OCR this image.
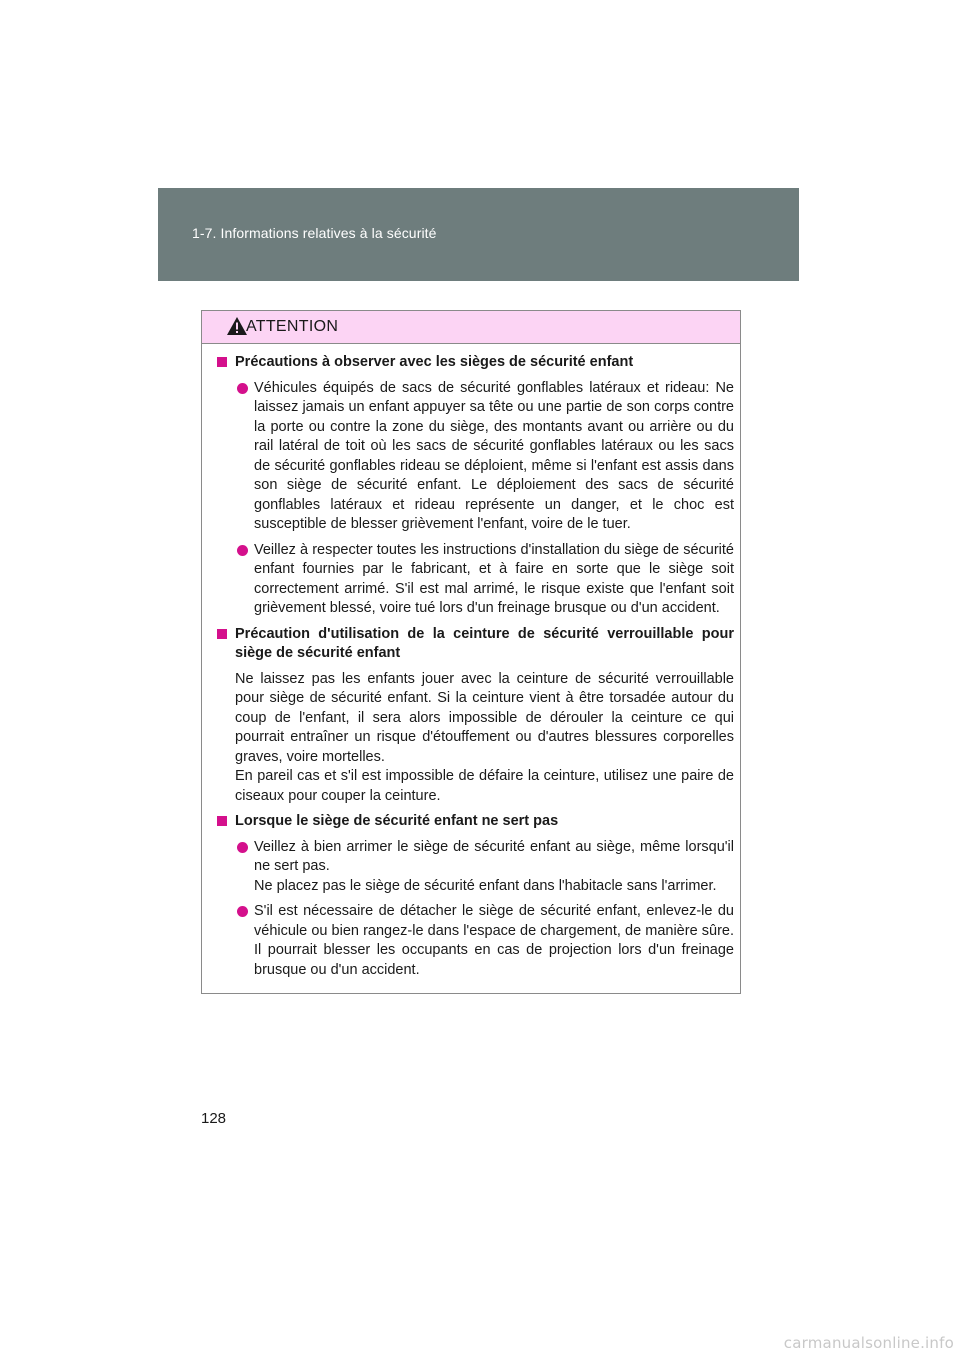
1-7. Informations relatives à la sécurité
ATTENTION
Précautions à observer avec les sièges de sécurité enfant
Véhicules équipés de sacs de sécurité gonflables latéraux et rideau: Ne laissez jamais un enfant appuyer sa tête ou une partie de son corps contre la porte ou contre la zone du siège, des montants avant ou arrière ou du rail latéral de toit où les sacs de sécurité gonflables latéraux ou les sacs de sécurité gonflables rideau se déploient, même si l'enfant est assis dans son siège de sécurité enfant. Le déploiement des sacs de sécurité gonflables latéraux et rideau représente un danger, et le choc est susceptible de blesser grièvement l'enfant, voire de le tuer.
Veillez à respecter toutes les instructions d'installation du siège de sécurité enfant fournies par le fabricant, et à faire en sorte que le siège soit correctement arrimé. S'il est mal arrimé, le risque existe que l'enfant soit grièvement blessé, voire tué lors d'un freinage brusque ou d'un accident.
Précaution d'utilisation de la ceinture de sécurité verrouillable pour siège de sécurité enfant
Ne laissez pas les enfants jouer avec la ceinture de sécurité verrouillable pour siège de sécurité enfant. Si la ceinture vient à être torsadée autour du coup de l'enfant, il sera alors impossible de dérouler la ceinture ce qui pourrait entraîner un risque d'étouffement ou d'autres blessures corporelles graves, voire mortelles.
En pareil cas et s'il est impossible de défaire la ceinture, utilisez une paire de ciseaux pour couper la ceinture.
Lorsque le siège de sécurité enfant ne sert pas
Veillez à bien arrimer le siège de sécurité enfant au siège, même lorsqu'il ne sert pas.
Ne placez pas le siège de sécurité enfant dans l'habitacle sans l'arrimer.
S'il est nécessaire de détacher le siège de sécurité enfant, enlevez-le du véhicule ou bien rangez-le dans l'espace de chargement, de manière sûre. Il pourrait blesser les occupants en cas de projection lors d'un freinage brusque ou d'un accident.
128
carmanualsonline.info
